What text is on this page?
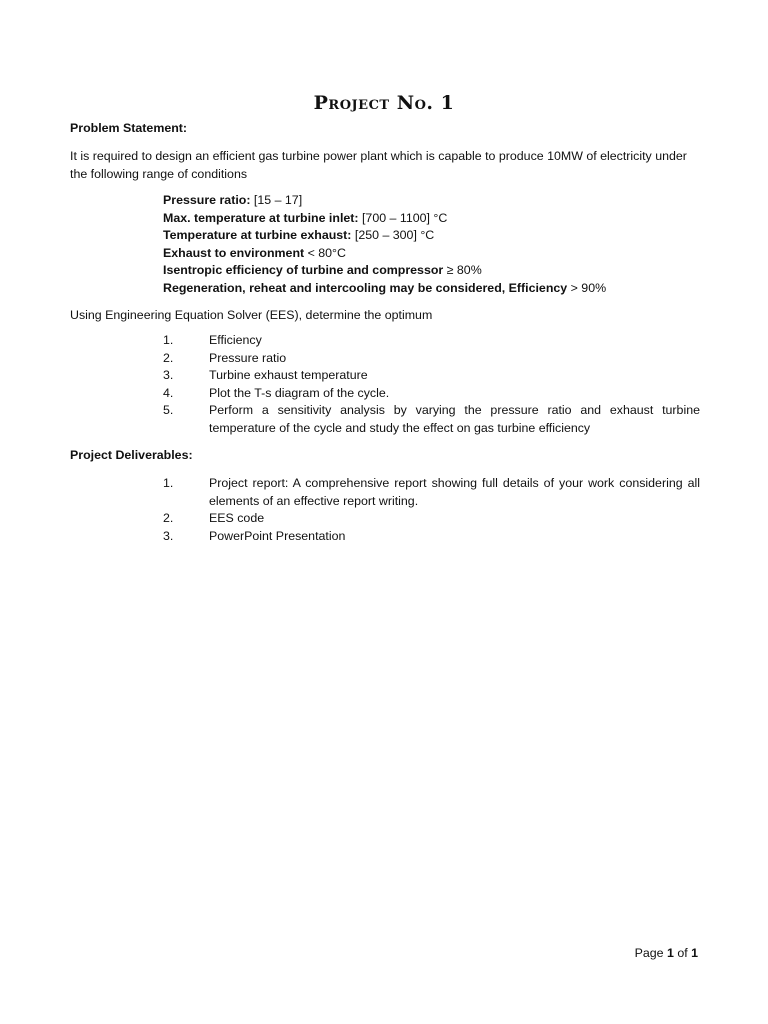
Project No. 1
Problem Statement:
It is required to design an efficient gas turbine power plant which is capable to produce 10MW of electricity under the following range of conditions
Pressure ratio: [15 – 17]
Max. temperature at turbine inlet: [700 – 1100] °C
Temperature at turbine exhaust: [250 – 300] °C
Exhaust to environment < 80°C
Isentropic efficiency of turbine and compressor ≥ 80%
Regeneration, reheat and intercooling may be considered, Efficiency > 90%
Using Engineering Equation Solver (EES), determine the optimum
1.	Efficiency
2.	Pressure ratio
3.	Turbine exhaust temperature
4.	Plot the T-s diagram of the cycle.
5.	Perform a sensitivity analysis by varying the pressure ratio and exhaust turbine temperature of the cycle and study the effect on gas turbine efficiency
Project Deliverables:
1.	Project report: A comprehensive report showing full details of your work considering all elements of an effective report writing.
2.	EES code
3.	PowerPoint Presentation
Page 1 of 1
